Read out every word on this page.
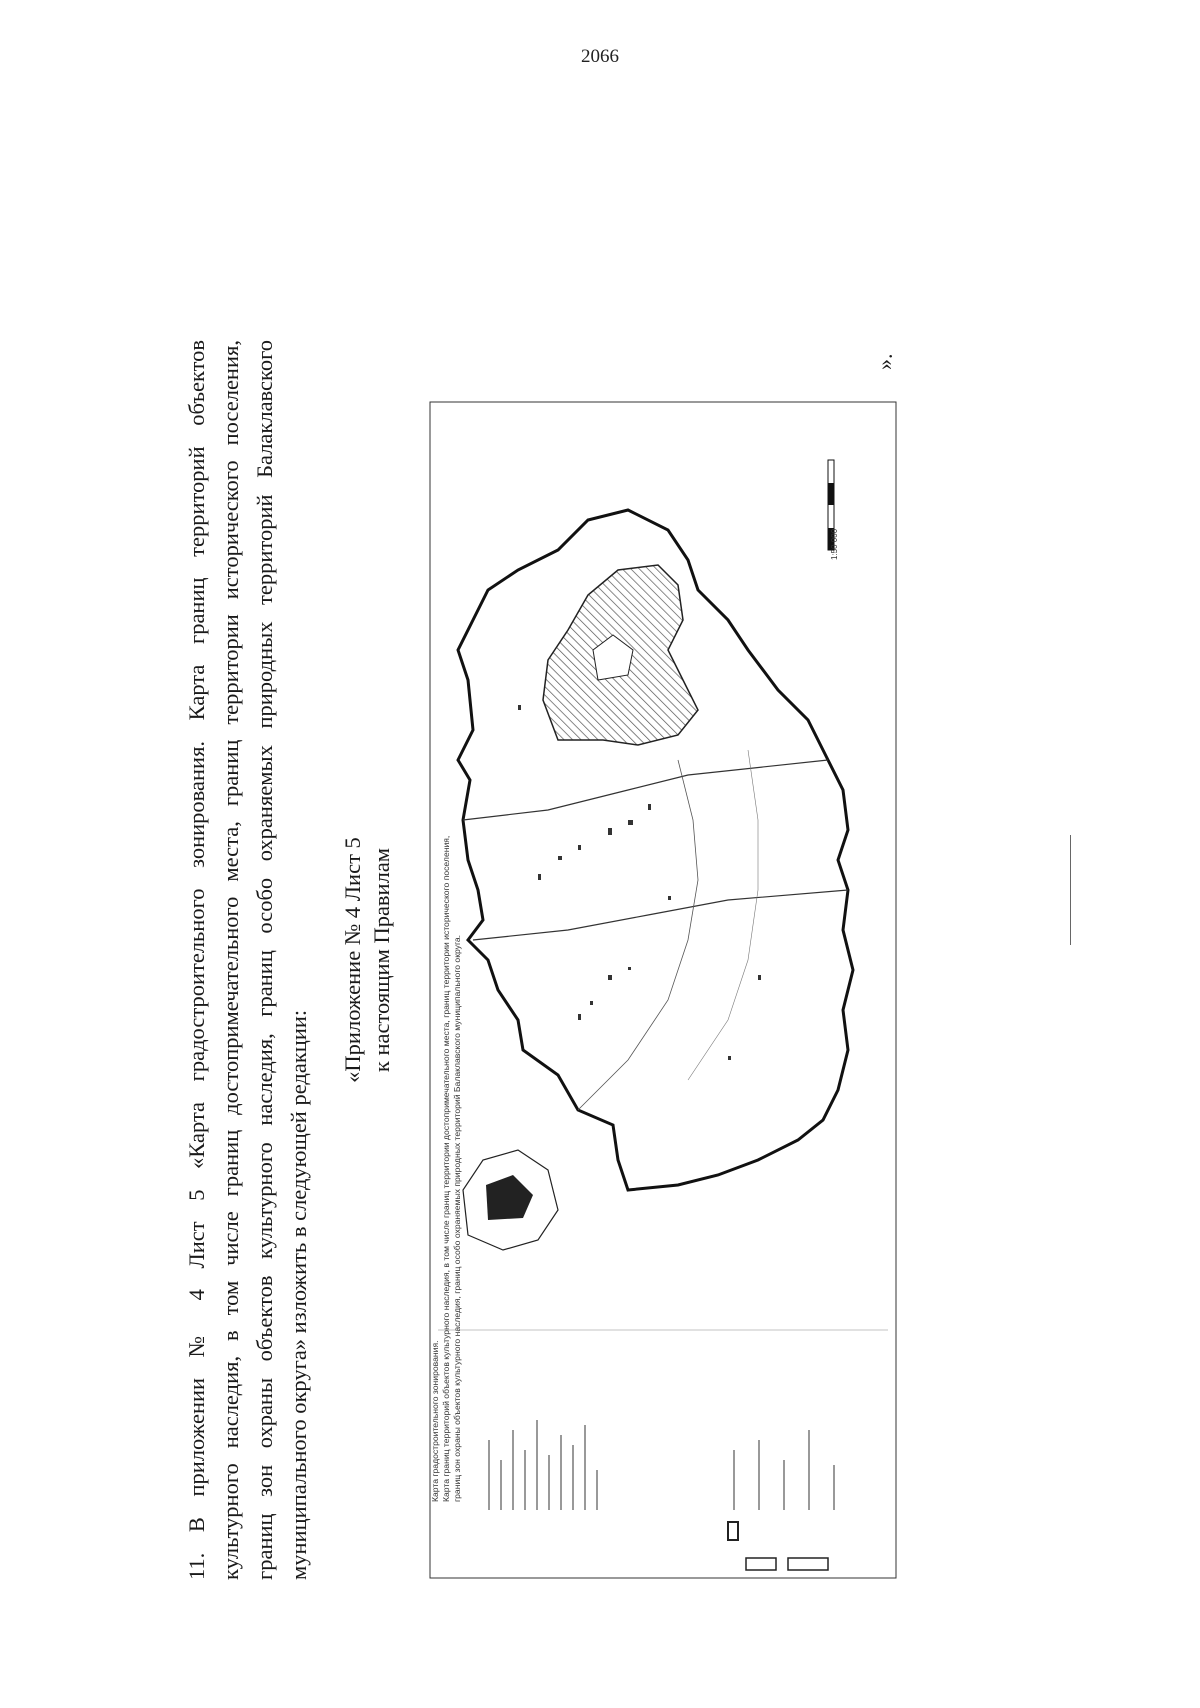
2066
11. В приложении № 4 Лист 5 «Карта градостроительного зонирования. Карта границ территорий объектов культурного наследия, в том числе границ достопримечательного места, границ территории исторического поселения, границ зон охраны объектов культурного наследия, границ особо охраняемых природных территорий Балаклавского муниципального округа» изложить в следующей редакции:
«Приложение № 4 Лист 5 к настоящим Правилам
Карта градостроительного зонирования. Карта границ территорий объектов культурного наследия, в том числе границ территории достопримечательного места, границ территории исторического поселения, границ зон охраны объектов культурного наследия, границ особо охраняемых природных территорий Балаклавского муниципального округа.
1:50 000
».
